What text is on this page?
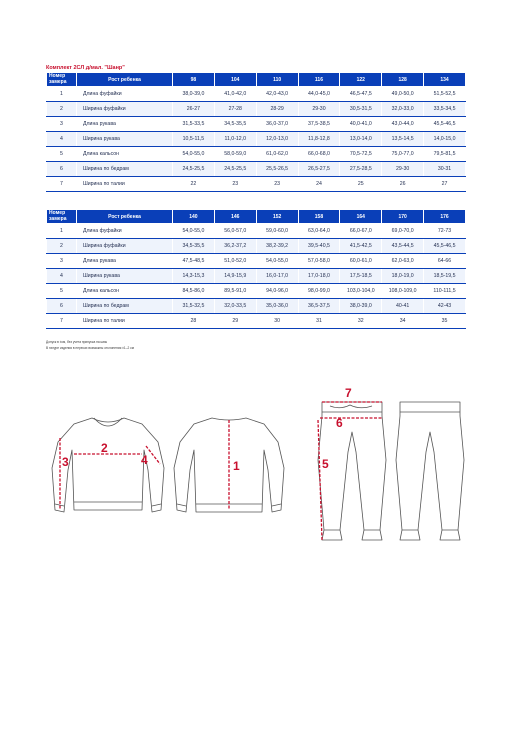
Комплект 2СЛ д/мал. "Шанр"
Номер замера	Рост ребенка	98	104	110	116	122	128	134
1	Длина фуфайки	38,0-39,0	41,0-42,0	42,0-43,0	44,0-45,0	46,5-47,5	49,0-50,0	51,5-52,5
2	Ширина фуфайки	26-27	27-28	28-29	29-30	30,5-31,5	32,0-33,0	33,5-34,5
3	Длина рукава	31,5-33,5	34,5-35,5	36,0-37,0	37,5-38,5	40,0-41,0	43,0-44,0	45,5-46,5
4	Ширина рукава	10,5-11,5	11,0-12,0	12,0-13,0	11,8-12,8	13,0-14,0	13,5-14,5	14,0-15,0
5	Длина кальсон	54,0-55,0	58,0-59,0	61,0-62,0	66,0-68,0	70,5-72,5	75,0-77,0	79,5-81,5
6	Ширина по бедрам	24,5-25,5	24,5-25,5	25,5-26,5	26,5-27,5	27,5-28,5	29-30	30-31
7	Ширина по талии	22	23	23	24	25	26	27
Номер замера	Рост ребенка	140	146	152	158	164	170	176
1	Длина фуфайки	54,0-55,0	56,0-57,0	59,0-60,0	63,0-64,0	66,0-67,0	69,0-70,0	72-73
2	Ширина фуфайки	34,5-35,5	36,2-37,2	38,2-39,2	39,5-40,5	41,5-42,5	43,5-44,5	45,5-46,5
3	Длина рукава	47,5-48,5	51,0-52,0	54,0-55,0	57,0-58,0	60,0-61,0	62,0-63,0	64-66
4	Ширина рукава	14,3-15,3	14,9-15,9	16,0-17,0	17,0-18,0	17,5-18,5	18,0-19,0	18,5-19,5
5	Длина кальсон	84,5-86,0	89,5-91,0	94,0-96,0	98,0-99,0	103,0-104,0	108,0-109,0	110-111,5
6	Ширина по бедрам	31,5-32,5	32,0-33,5	35,0-36,0	36,5-37,5	38,0-39,0	40-41	42-43
7	Ширина по талии	28	29	30	31	32	34	35
Допуск в ±см, без учета припуска на швы
В натуре изделия в пересах возможны отклонения ±1–2 см
1
2
3	4	5
6
7
